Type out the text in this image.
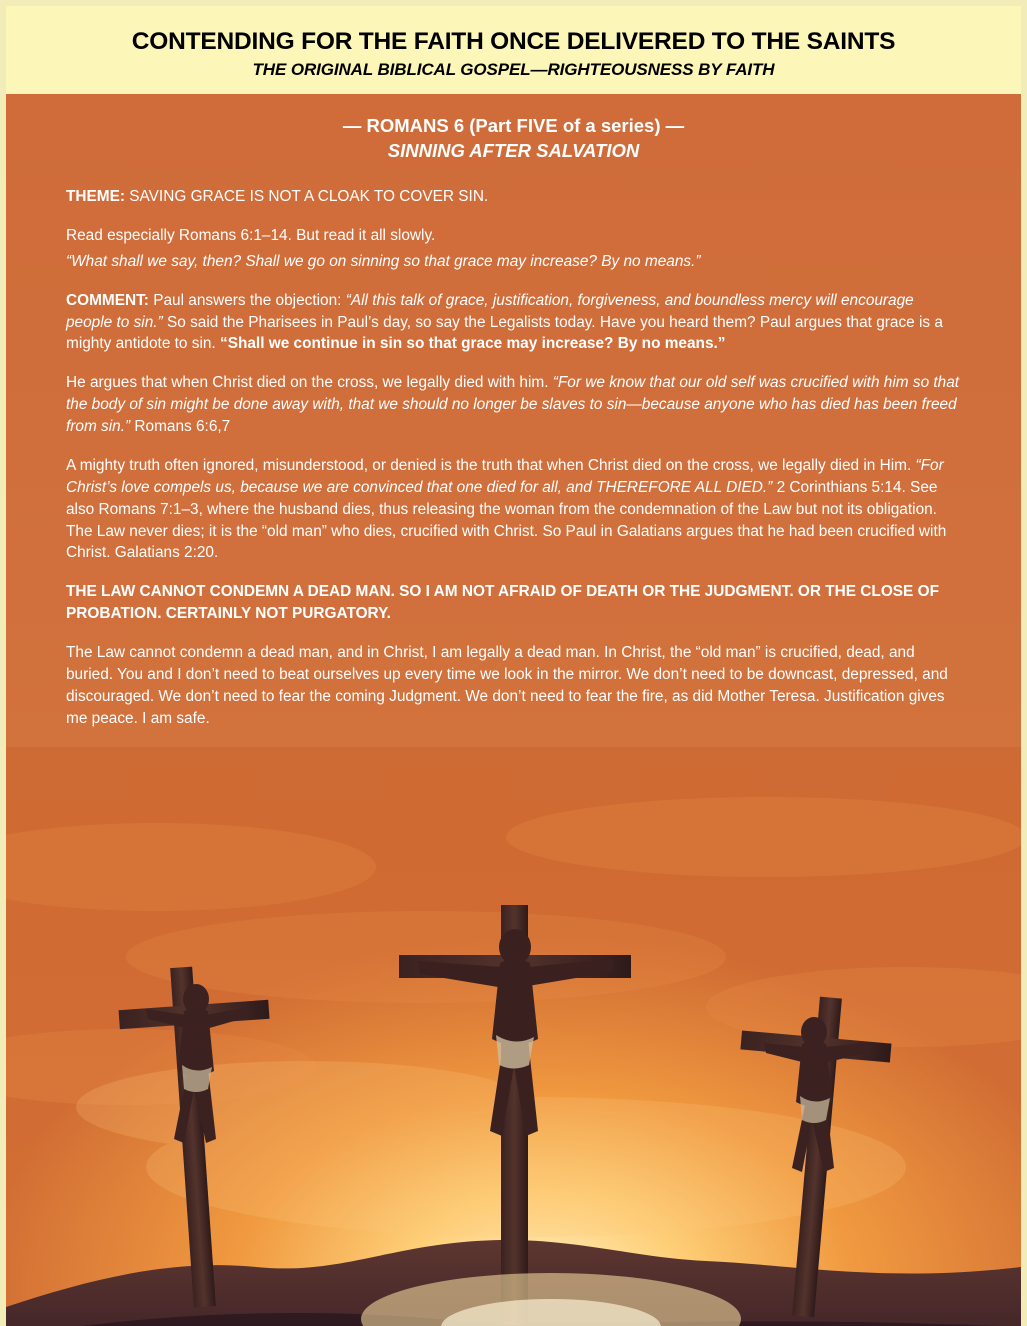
CONTENDING FOR THE FAITH ONCE DELIVERED TO THE SAINTS
THE ORIGINAL BIBLICAL GOSPEL—RIGHTEOUSNESS BY FAITH
— ROMANS 6 (Part FIVE of a series) —
SINNING AFTER SALVATION

THEME: SAVING GRACE IS NOT A CLOAK TO COVER SIN.

Read especially Romans 6:1–14. But read it all slowly.

“What shall we say, then? Shall we go on sinning so that grace may increase? By no means.”

COMMENT: Paul answers the objection: “All this talk of grace, justification, forgiveness, and boundless mercy will encourage people to sin.” So said the Pharisees in Paul’s day, so say the Legalists today. Have you heard them? Paul argues that grace is a mighty antidote to sin. “Shall we continue in sin so that grace may increase? By no means.”

He argues that when Christ died on the cross, we legally died with him. “For we know that our old self was crucified with him so that the body of sin might be done away with, that we should no longer be slaves to sin—because anyone who has died has been freed from sin.” Romans 6:6,7

A mighty truth often ignored, misunderstood, or denied is the truth that when Christ died on the cross, we legally died in Him. “For Christ’s love compels us, because we are convinced that one died for all, and THEREFORE ALL DIED.” 2 Corinthians 5:14. See also Romans 7:1–3, where the husband dies, thus releasing the woman from the condemnation of the Law but not its obligation. The Law never dies; it is the “old man” who dies, crucified with Christ. So Paul in Galatians argues that he had been crucified with Christ. Galatians 2:20.

THE LAW CANNOT CONDEMN A DEAD MAN. SO I AM NOT AFRAID OF DEATH OR THE JUDGMENT. OR THE CLOSE OF PROBATION. CERTAINLY NOT PURGATORY.

The Law cannot condemn a dead man, and in Christ, I am legally a dead man. In Christ, the “old man” is crucified, dead, and buried. You and I don’t need to beat ourselves up every time we look in the mirror. We don’t need to be downcast, depressed, and discouraged. We don’t need to fear the coming Judgment. We don’t need to fear the fire, as did Mother Teresa. Justification gives me peace. I am safe.
